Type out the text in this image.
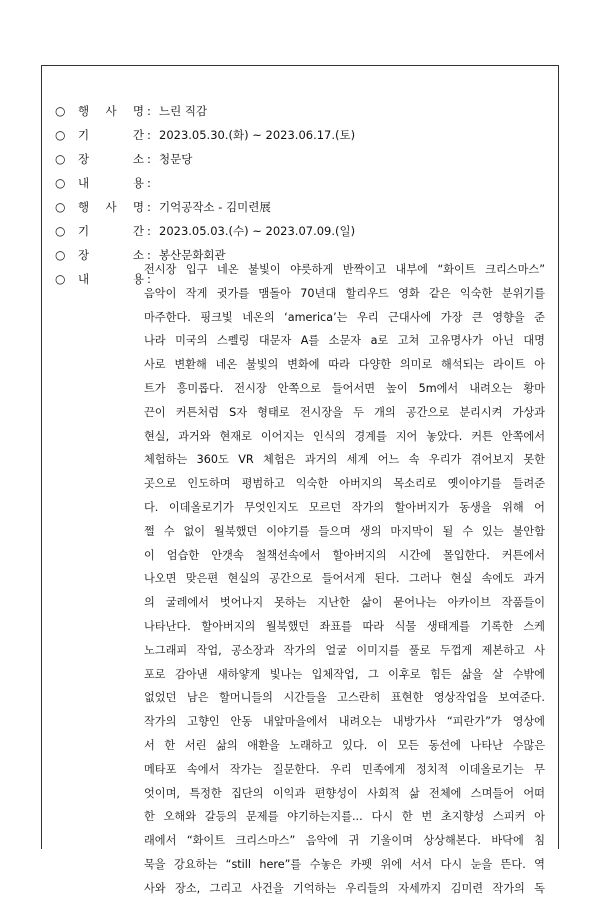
○ 행 사 명 : 느린 직감
○ 기	간 : 2023.05.30.(화) ~ 2023.06.17.(토)
○ 장	소 : 청문당
○ 내	용 :
○ 행 사 명 : 기억공작소 - 김미련展
○ 기	간 : 2023.05.03.(수) ~ 2023.07.09.(일)
○ 장	소 : 봉산문화회관
○ 내	용 :
전시장 입구 네온 불빛이 야릇하게 반짝이고 내부에 “화이트 크리스마스”
음악이 작게 귓가를 맴돌아 70년대 할리우드 영화 같은 익숙한 분위기를
마주한다. 핑크빛 네온의 ‘america’는 우리 근대사에 가장 큰 영향을 준
나라 미국의 스펠링 대문자 A를 소문자 a로 고쳐 고유명사가 아닌 대명
사로 변환해 네온 불빛의 변화에 따라 다양한 의미로 해석되는 라이트 아
트가 흥미롭다. 전시장 안쪽으로 들어서면 높이 5m에서 내려오는 황마
끈이 커튼처럼 S자 형태로 전시장을 두 개의 공간으로 분리시켜 가상과
현실, 과거와 현재로 이어지는 인식의 경계를 지어 놓았다. 커튼 안쪽에서
체험하는 360도 VR 체험은 과거의 세계 어느 속 우리가 겪어보지 못한
곳으로 인도하며 평범하고 익숙한 아버지의 목소리로 옛이야기를 들려준
다. 이데올로기가 무엇인지도 모르던 작가의 할아버지가 동생을 위해 어
쩔 수 없이 월북했던 이야기를 들으며 생의 마지막이 될 수 있는 불안함
이 엄습한 안갯속 철책선속에서 할아버지의 시간에 몰입한다. 커튼에서
나오면 맞은편 현실의 공간으로 들어서게 된다. 그러나 현실 속에도 과거
의 굴레에서 벗어나지 못하는 지난한 삶이 묻어나는 아카이브 작품들이
나타난다. 할아버지의 월북했던 좌표를 따라 식물 생태계를 기록한 스케
노그래피 작업, 공소장과 작가의 얼굴 이미지를 풀로 두껍게 제본하고 사
포로 감아낸 새하얗게 빛나는 입체작업, 그 이후로 힘든 삶을 살 수밖에
없었던 남은 할머니들의 시간들을 고스란히 표현한 영상작업을 보여준다.
작가의 고향인 안동 내앞마을에서 내려오는 내방가사 “피란가”가 영상에
서 한 서린 삶의 애환을 노래하고 있다. 이 모든 동선에 나타난 수많은
메타포 속에서 작가는 질문한다. 우리 민족에게 정치적 이데올로기는 무
엇이며, 특정한 집단의 이익과 편향성이 사회적 삶 전체에 스며들어 어떠
한 오해와 갈등의 문제를 야기하는지를... 다시 한 번 초지향성 스피커 아
래에서 “화이트 크리스마스” 음악에 귀 기울이며 상상해본다. 바닥에 침
묵을 강요하는 “still here”를 수놓은 카펫 위에 서서 다시 눈을 뜬다. 역
사와 장소, 그리고 사건을 기억하는 우리들의 자세까지 김미련 작가의 독
